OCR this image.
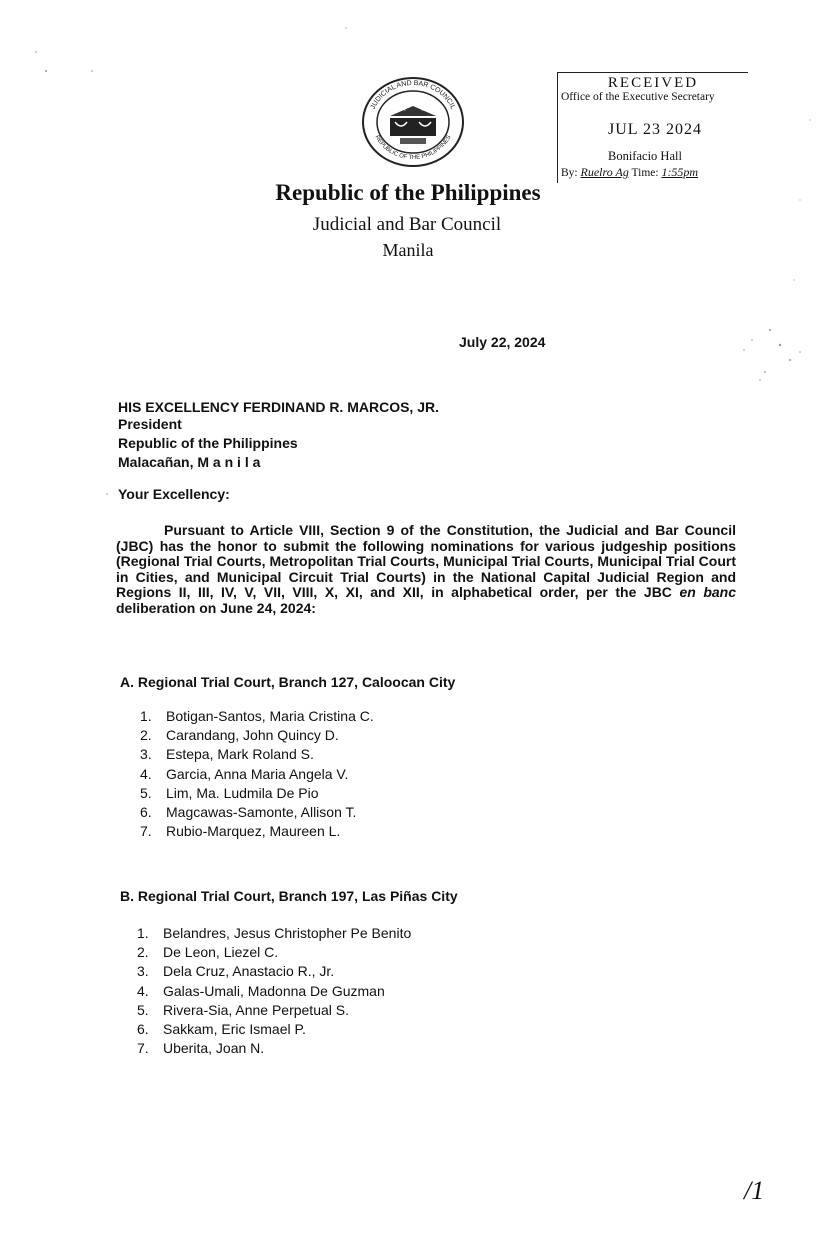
JUDICIAL AND BAR COUNCIL
REPUBLIC OF THE PHILIPPINES
★ ★
Republic of the Philippines
Judicial and Bar Council
Manila
RECEIVED
Office of the Executive Secretary
JUL 23 2024
Bonifacio Hall
By: Ruelro Ag Time: 1:55pm
July 22, 2024
HIS EXCELLENCY FERDINAND R. MARCOS, JR.
President
Republic of the Philippines
Malacañan, M a n i l a
Your Excellency:
Pursuant to Article VIII, Section 9 of the Constitution, the Judicial and Bar Council (JBC) has the honor to submit the following nominations for various judgeship positions (Regional Trial Courts, Metropolitan Trial Courts, Municipal Trial Courts, Municipal Trial Court in Cities, and Municipal Circuit Trial Courts) in the National Capital Judicial Region and Regions II, III, IV, V, VII, VIII, X, XI, and XII, in alphabetical order, per the JBC en banc deliberation on June 24, 2024:
A. Regional Trial Court, Branch 127, Caloocan City
1. Botigan-Santos, Maria Cristina C.
2. Carandang, John Quincy D.
3. Estepa, Mark Roland S.
4. Garcia, Anna Maria Angela V.
5. Lim, Ma. Ludmila De Pio
6. Magcawas-Samonte, Allison T.
7. Rubio-Marquez, Maureen L.
B. Regional Trial Court, Branch 197, Las Piñas City
1. Belandres, Jesus Christopher Pe Benito
2. De Leon, Liezel C.
3. Dela Cruz, Anastacio R., Jr.
4. Galas-Umali, Madonna De Guzman
5. Rivera-Sia, Anne Perpetual S.
6. Sakkam, Eric Ismael P.
7. Uberita, Joan N.
/1
